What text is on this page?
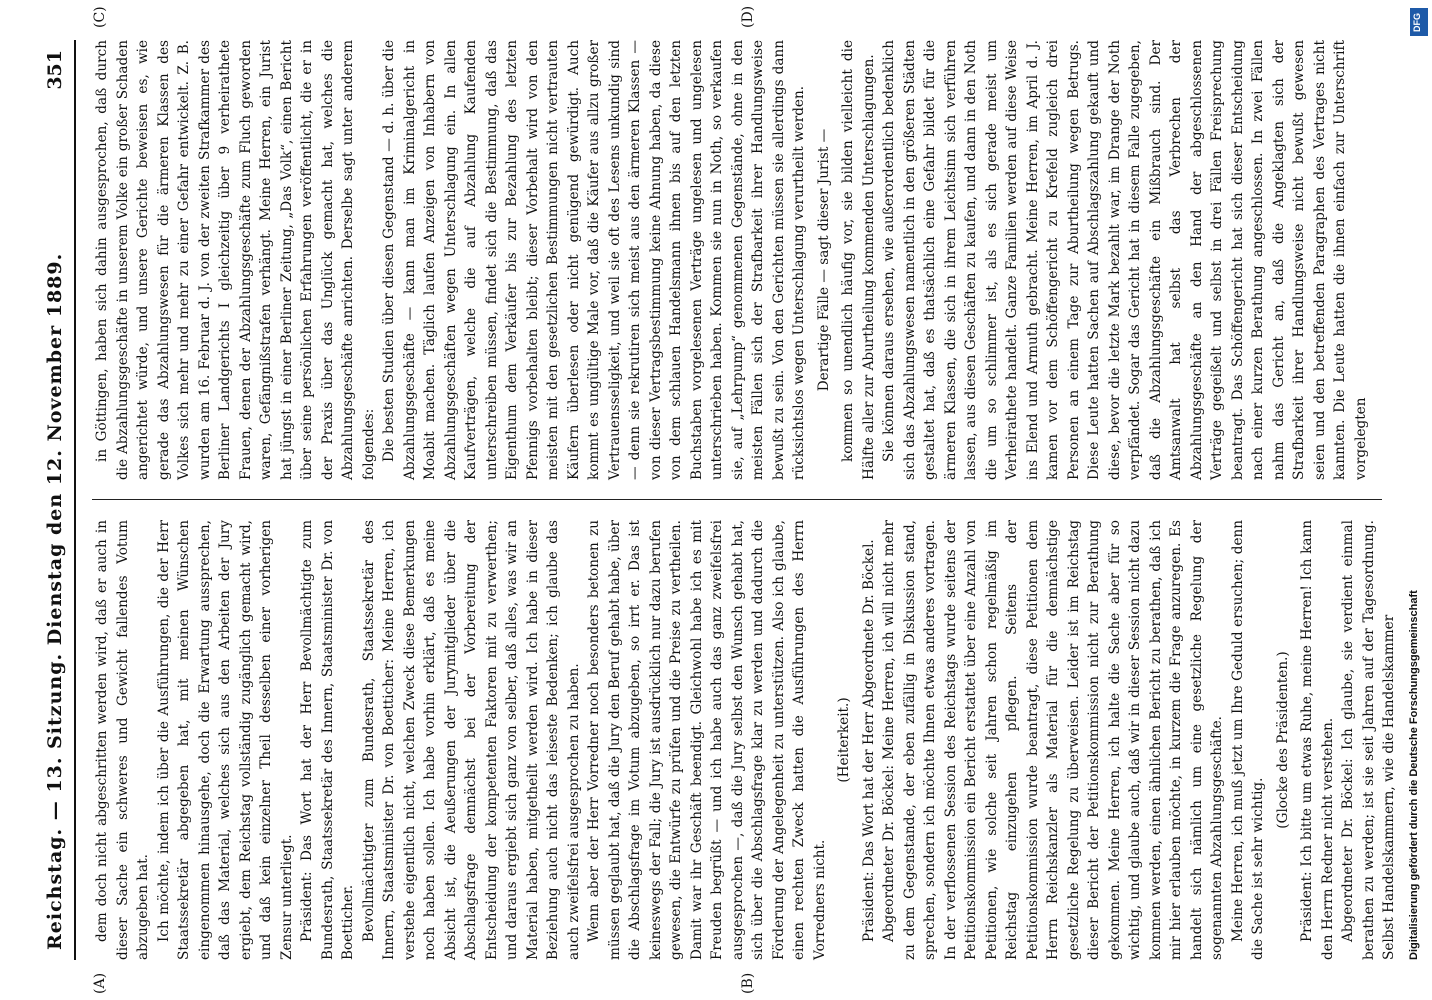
Reichstag. — 13. Sitzung. Dienstag den 12. November 1889.
351
(A)	(B)
(C)	(D)

dem doch nicht abgeschritten werden wird, daß er auch in dieser Sache ein schweres und Gewicht fallendes Votum abzugeben hat. Ich möchte, indem ich über die Ausführungen, die der Herr Staatssekretär abgegeben hat, mit meinen Wünschen eingenommen hinausgehe, doch die Erwartung aussprechen, daß das Material, welches sich aus den Arbeiten der Jury ergiebt, dem Reichstag vollständig zugänglich gemacht wird, und daß kein einzelner Theil desselben einer vorherigen Zensur unterliegt. Präsident: Das Wort hat der Herr Bevollmächtigte zum Bundesrath, Staatssekretär des Innern, Staatsminister Dr. von Boetticher. Bevollmächtigter zum Bundesrath, Staatssekretär des Innern, Staatsminister Dr. von Boetticher: Meine Herren, ich verstehe eigentlich nicht, welchen Zweck diese Bemerkungen noch haben sollen. Ich habe vorhin erklärt, daß es meine Absicht ist, die Aeußerungen der Jurymitglieder über die Abschlagsfrage demnächst bei der Vorbereitung der Entscheidung der kompetenten Faktoren mit zu verwerthen; und daraus ergiebt sich ganz von selber, daß alles, was wir an Material haben, mitgetheilt werden wird. Ich habe in dieser Beziehung auch nicht das leiseste Bedenken; ich glaube das auch zweifelsfrei ausgesprochen zu haben. Wenn aber der Herr Vorredner noch besonders betonen zu müssen geglaubt hat, daß die Jury den Beruf gehabt habe, über die Abschlagsfrage im Votum abzugeben, so irrt er. Das ist keineswegs der Fall; die Jury ist ausdrücklich nur dazu berufen gewesen, die Entwürfe zu prüfen und die Preise zu vertheilen. Damit war ihr Geschäft beendigt. Gleichwohl habe ich es mit Freuden begrüßt — und ich habe auch das ganz zweifelsfrei ausgesprochen —, daß die Jury selbst den Wunsch gehabt hat, sich über die Abschlagsfrage klar zu werden und dadurch die Förderung der Angelegenheit zu unterstützen. Also ich glaube, einen rechten Zweck hatten die Ausführungen des Herrn Vorredners nicht.

(Heiterkeit.) Präsident: Das Wort hat der Herr Abgeordnete Dr. Böckel. Abgeordneter Dr. Böckel: Meine Herren, ich will nicht mehr zu dem Gegenstande, der eben zufällig in Diskussion stand, sprechen, sondern ich möchte Ihnen etwas anderes vortragen. In der verflossenen Session des Reichstags wurde seitens der Petitionskommission ein Bericht erstattet über eine Anzahl von Petitionen, wie solche seit Jahren schon regelmäßig im Reichstag einzugehen pflegen. Seitens der Petitionskommission wurde beantragt, diese Petitionen dem Herrn Reichskanzler als Material für die demnächstige gesetzliche Regelung zu überweisen. Leider ist im Reichstag dieser Bericht der Petitionskommission nicht zur Berathung gekommen. Meine Herren, ich halte die Sache aber für so wichtig, und glaube auch, daß wir in dieser Session nicht dazu kommen werden, einen ähnlichen Bericht zu berathen, daß ich mir hier erlauben möchte, in kurzem die Frage anzuregen. Es handelt sich nämlich um eine gesetzliche Regelung der sogenannten Abzahlungsgeschäfte. Meine Herren, ich muß jetzt um Ihre Geduld ersuchen; denn die Sache ist sehr wichtig.

(Glocke des Präsidenten.) Präsident: Ich bitte um etwas Ruhe, meine Herren! Ich kann den Herrn Redner nicht verstehen. Abgeordneter Dr. Böckel: Ich glaube, sie verdient einmal berathen zu werden; ist sie seit Jahren auf der Tagesordnung. Selbst Handelskammern, wie die Handelskammer

in Göttingen, haben sich dahin ausgesprochen, daß durch die Abzahlungsgeschäfte in unserem Volke ein großer Schaden angerichtet würde, und unsere Gerichte beweisen es, wie gerade das Abzahlungswesen für die ärmeren Klassen des Volkes sich mehr und mehr zu einer Gefahr entwickelt. Z. B. wurden am 16. Februar d. J. von der zweiten Strafkammer des Berliner Landgerichts I gleichzeitig über 9 verheirathete Frauen, denen der Abzahlungsgeschäfte zum Fluch geworden waren, Gefängnißstrafen verhängt. Meine Herren, ein Jurist hat jüngst in einer Berliner Zeitung, „Das Volk“, einen Bericht über seine persönlichen Erfahrungen veröffentlicht, die er in der Praxis über das Unglück gemacht hat, welches die Abzahlungsgeschäfte anrichten. Derselbe sagt unter anderem folgendes: Die besten Studien über diesen Gegenstand — d. h. über die Abzahlungsgeschäfte — kann man im Kriminalgericht in Moabit machen. Täglich laufen Anzeigen von Inhabern von Abzahlungsgeschäften wegen Unterschlagung ein. In allen Kaufverträgen, welche die auf Abzahlung Kaufenden unterschreiben müssen, findet sich die Bestimmung, daß das Eigenthum dem Verkäufer bis zur Bezahlung des letzten Pfennigs vorbehalten bleibt; dieser Vorbehalt wird von den meisten mit den gesetzlichen Bestimmungen nicht vertrauten Käufern überlesen oder nicht genügend gewürdigt. Auch kommt es ungültige Male vor, daß die Käufer aus allzu großer Vertrauensseligkeit, und weil sie oft des Lesens unkundig sind — denn sie rekrutiren sich meist aus den ärmeren Klassen — von dieser Vertragsbestimmung keine Ahnung haben, da diese von dem schlauen Handelsmann ihnen bis auf den letzten Buchstaben vorgelesenen Verträge ungelesen und ungelesen unterschrieben haben. Kommen sie nun in Noth, so verkaufen sie, auf „Lehrpump“ genommenen Gegenstände, ohne in den meisten Fällen sich der Strafbarkeit ihrer Handlungsweise bewußt zu sein. Von den Gerichten müssen sie allerdings dann rücksichtslos wegen Unterschlagung verurtheilt werden. Derartige Fälle — sagt dieser Jurist — kommen so unendlich häufig vor, sie bilden vielleicht die Hälfte aller zur Aburtheilung kommenden Unterschlagungen. Sie können daraus ersehen, wie außerordentlich bedenklich sich das Abzahlungswesen namentlich in den größeren Städten gestaltet hat, daß es thatsächlich eine Gefahr bildet für die ärmeren Klassen, die sich in ihrem Leichtsinn sich verführen lassen, aus diesen Geschäften zu kaufen, und dann in den Noth die um so schlimmer ist, als es sich gerade meist um Verheirathete handelt. Ganze Familien werden auf diese Weise ins Elend und Armuth gebracht. Meine Herren, im April d. J. kamen vor dem Schöffengericht zu Krefeld zugleich drei Personen an einem Tage zur Aburtheilung wegen Betrugs. Diese Leute hatten Sachen auf Abschlagszahlung gekauft und diese, bevor die letzte Mark bezahlt war, im Drange der Noth verpfändet. Sogar das Gericht hat in diesem Falle zugegeben, daß die Abzahlungsgeschäfte ein Mißbrauch sind. Der Amtsanwalt hat selbst das Verbrechen der Abzahlungsgeschäfte an den Hand der abgeschlossenen Verträge gegeißelt und selbst in drei Fällen Freisprechung beantragt. Das Schöffengericht hat sich dieser Entscheidung nach einer kurzen Berathung angeschlossen. In zwei Fällen nahm das Gericht an, daß die Angeklagten sich der Strafbarkeit ihrer Handlungsweise nicht bewußt gewesen seien und den betreffenden Paragraphen des Vertrages nicht kannten. Die Leute hatten die ihnen einfach zur Unterschrift vorgelegten

DFG
Digitalisierung gefördert durch die Deutsche Forschungsgemeinschaft
